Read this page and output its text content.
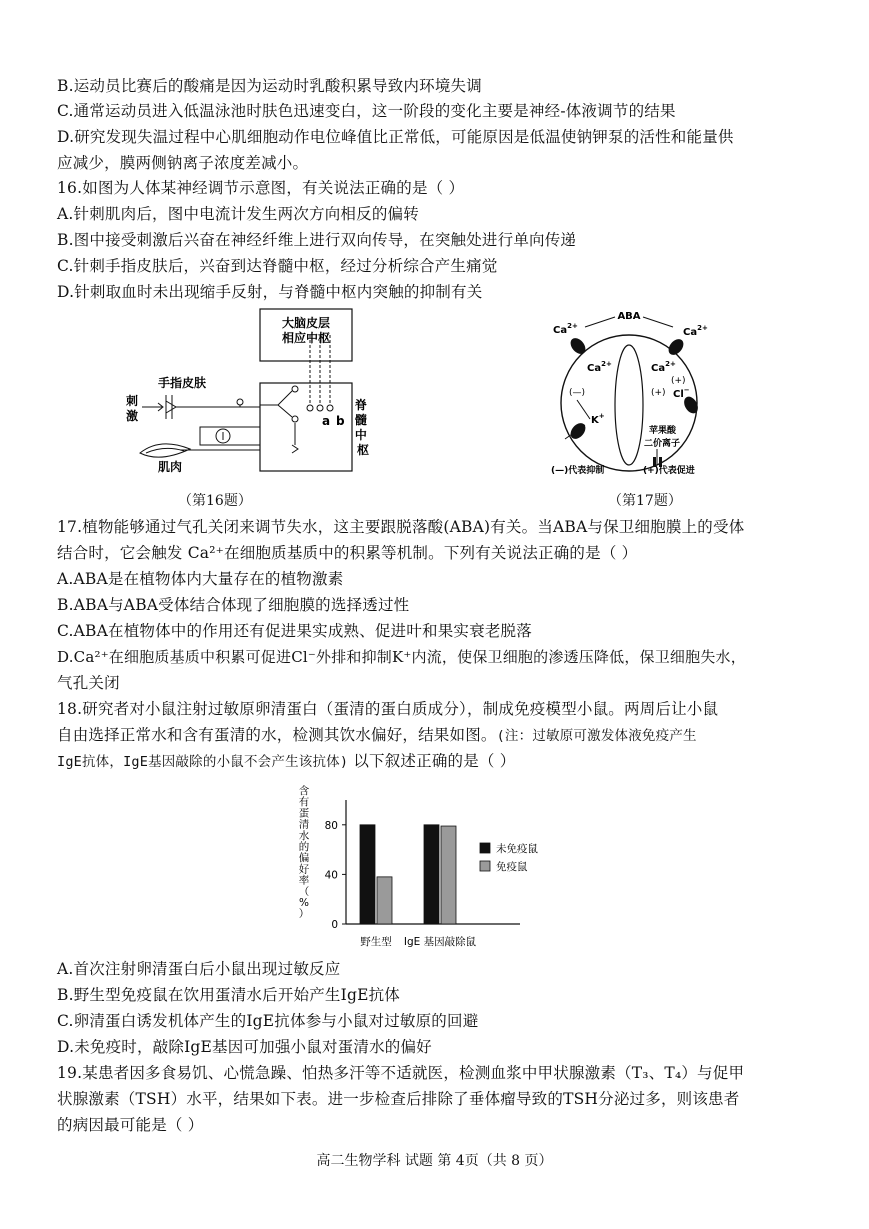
B.运动员比赛后的酸痛是因为运动时乳酸积累导致内环境失调
C.通常运动员进入低温泳池时肤色迅速变白，这一阶段的变化主要是神经-体液调节的结果
D.研究发现失温过程中心肌细胞动作电位峰值比正常低，可能原因是低温使钠钾泵的活性和能量供
应减少，膜两侧钠离子浓度差减小。
16.如图为人体某神经调节示意图，有关说法正确的是（ ）
A.针刺肌肉后，图中电流计发生两次方向相反的偏转
B.图中接受刺激后兴奋在神经纤维上进行双向传导，在突触处进行单向传递
C.针刺手指皮肤后，兴奋到达脊髓中枢，经过分析综合产生痛觉
D.针刺取血时未出现缩手反射，与脊髓中枢内突触的抑制有关
大脑皮层
相应中枢
a b
脊 髓 中 枢
手指皮肤
刺
激
肌肉
（第16题）
ABA
$Ca^{2+}$
$Ca^{2+}$
(—)
K+
$Ca^{2+}$
$Ca^{2+}$
(+)
(+) Cl−
苹果酸
二价离子
(—)代表抑制	(+)代表促进
（第17题）
17.植物能够通过气孔关闭来调节失水，这主要跟脱落酸(ABA)有关。当ABA与保卫细胞膜上的受体
结合时，它会触发 Ca²⁺在细胞质基质中的积累等机制。下列有关说法正确的是（ ）
A.ABA是在植物体内大量存在的植物激素
B.ABA与ABA受体结合体现了细胞膜的选择透过性
C.ABA在植物体中的作用还有促进果实成熟、促进叶和果实衰老脱落
D.Ca²⁺在细胞质基质中积累可促进Cl⁻外排和抑制K⁺内流，使保卫细胞的渗透压降低，保卫细胞失水，
气孔关闭
18.研究者对小鼠注射过敏原卵清蛋白（蛋清的蛋白质成分），制成免疫模型小鼠。两周后让小鼠
自由选择正常水和含有蛋清的水，检测其饮水偏好，结果如图。(注：过敏原可激发体液免疫产生
IgE抗体，IgE基因敲除的小鼠不会产生该抗体) 以下叙述正确的是（ ）
含有蛋清水的偏好率（%）
0
40
80
野生型 IgE 基因敲除鼠
未免疫鼠
免疫鼠
A.首次注射卵清蛋白后小鼠出现过敏反应
B.野生型免疫鼠在饮用蛋清水后开始产生IgE抗体
C.卵清蛋白诱发机体产生的IgE抗体参与小鼠对过敏原的回避
D.未免疫时，敲除IgE基因可加强小鼠对蛋清水的偏好
19.某患者因多食易饥、心慌急躁、怕热多汗等不适就医，检测血浆中甲状腺激素（T₃、T₄）与促甲
状腺激素（TSH）水平，结果如下表。进一步检查后排除了垂体瘤导致的TSH分泌过多，则该患者
的病因最可能是（ ）
高二生物学科 试题 第 4页（共 8 页）
